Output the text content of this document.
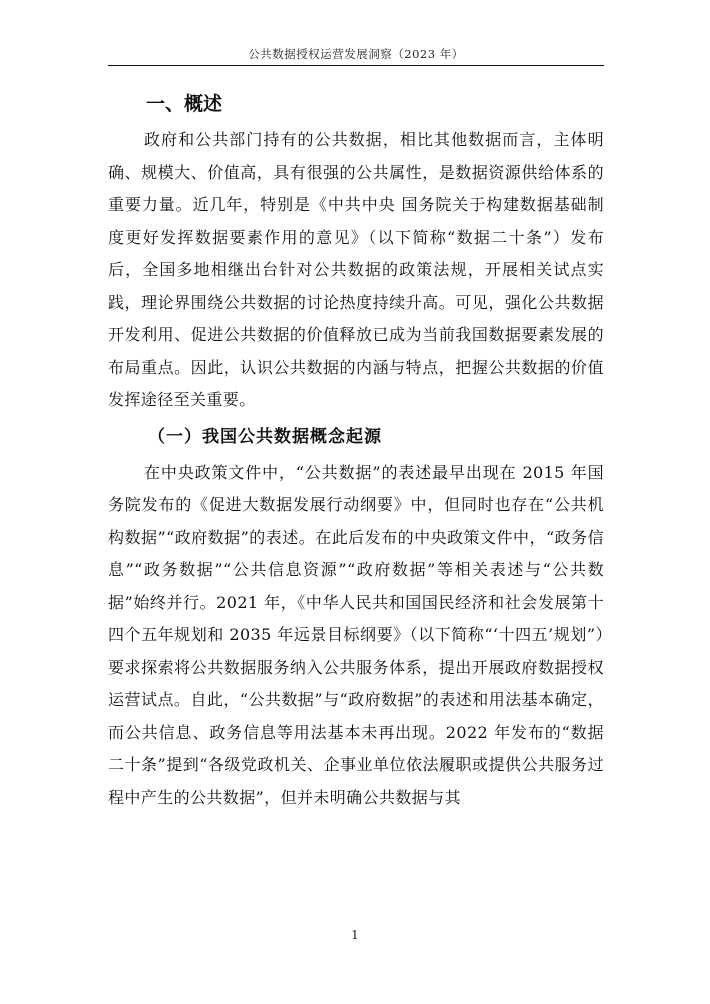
公共数据授权运营发展洞察（2023 年）
一、概述

政府和公共部门持有的公共数据，相比其他数据而言，主体明确、规模大、价值高，具有很强的公共属性，是数据资源供给体系的重要力量。近几年，特别是《中共中央 国务院关于构建数据基础制度更好发挥数据要素作用的意见》（以下简称“数据二十条”）发布后，全国多地相继出台针对公共数据的政策法规，开展相关试点实践，理论界围绕公共数据的讨论热度持续升高。可见，强化公共数据开发利用、促进公共数据的价值释放已成为当前我国数据要素发展的布局重点。因此，认识公共数据的内涵与特点，把握公共数据的价值发挥途径至关重要。

（一）我国公共数据概念起源

在中央政策文件中，“公共数据”的表述最早出现在 2015 年国务院发布的《促进大数据发展行动纲要》中，但同时也存在“公共机构数据”“政府数据”的表述。在此后发布的中央政策文件中，“政务信息”“政务数据”“公共信息资源”“政府数据”等相关表述与“公共数据”始终并行。2021 年，《中华人民共和国国民经济和社会发展第十四个五年规划和 2035 年远景目标纲要》（以下简称“‘十四五’规划”）要求探索将公共数据服务纳入公共服务体系，提出开展政府数据授权运营试点。自此，“公共数据”与“政府数据”的表述和用法基本确定，而公共信息、政务信息等用法基本未再出现。2022 年发布的“数据二十条”提到“各级党政机关、企事业单位依法履职或提供公共服务过程中产生的公共数据”，但并未明确公共数据与其

1
